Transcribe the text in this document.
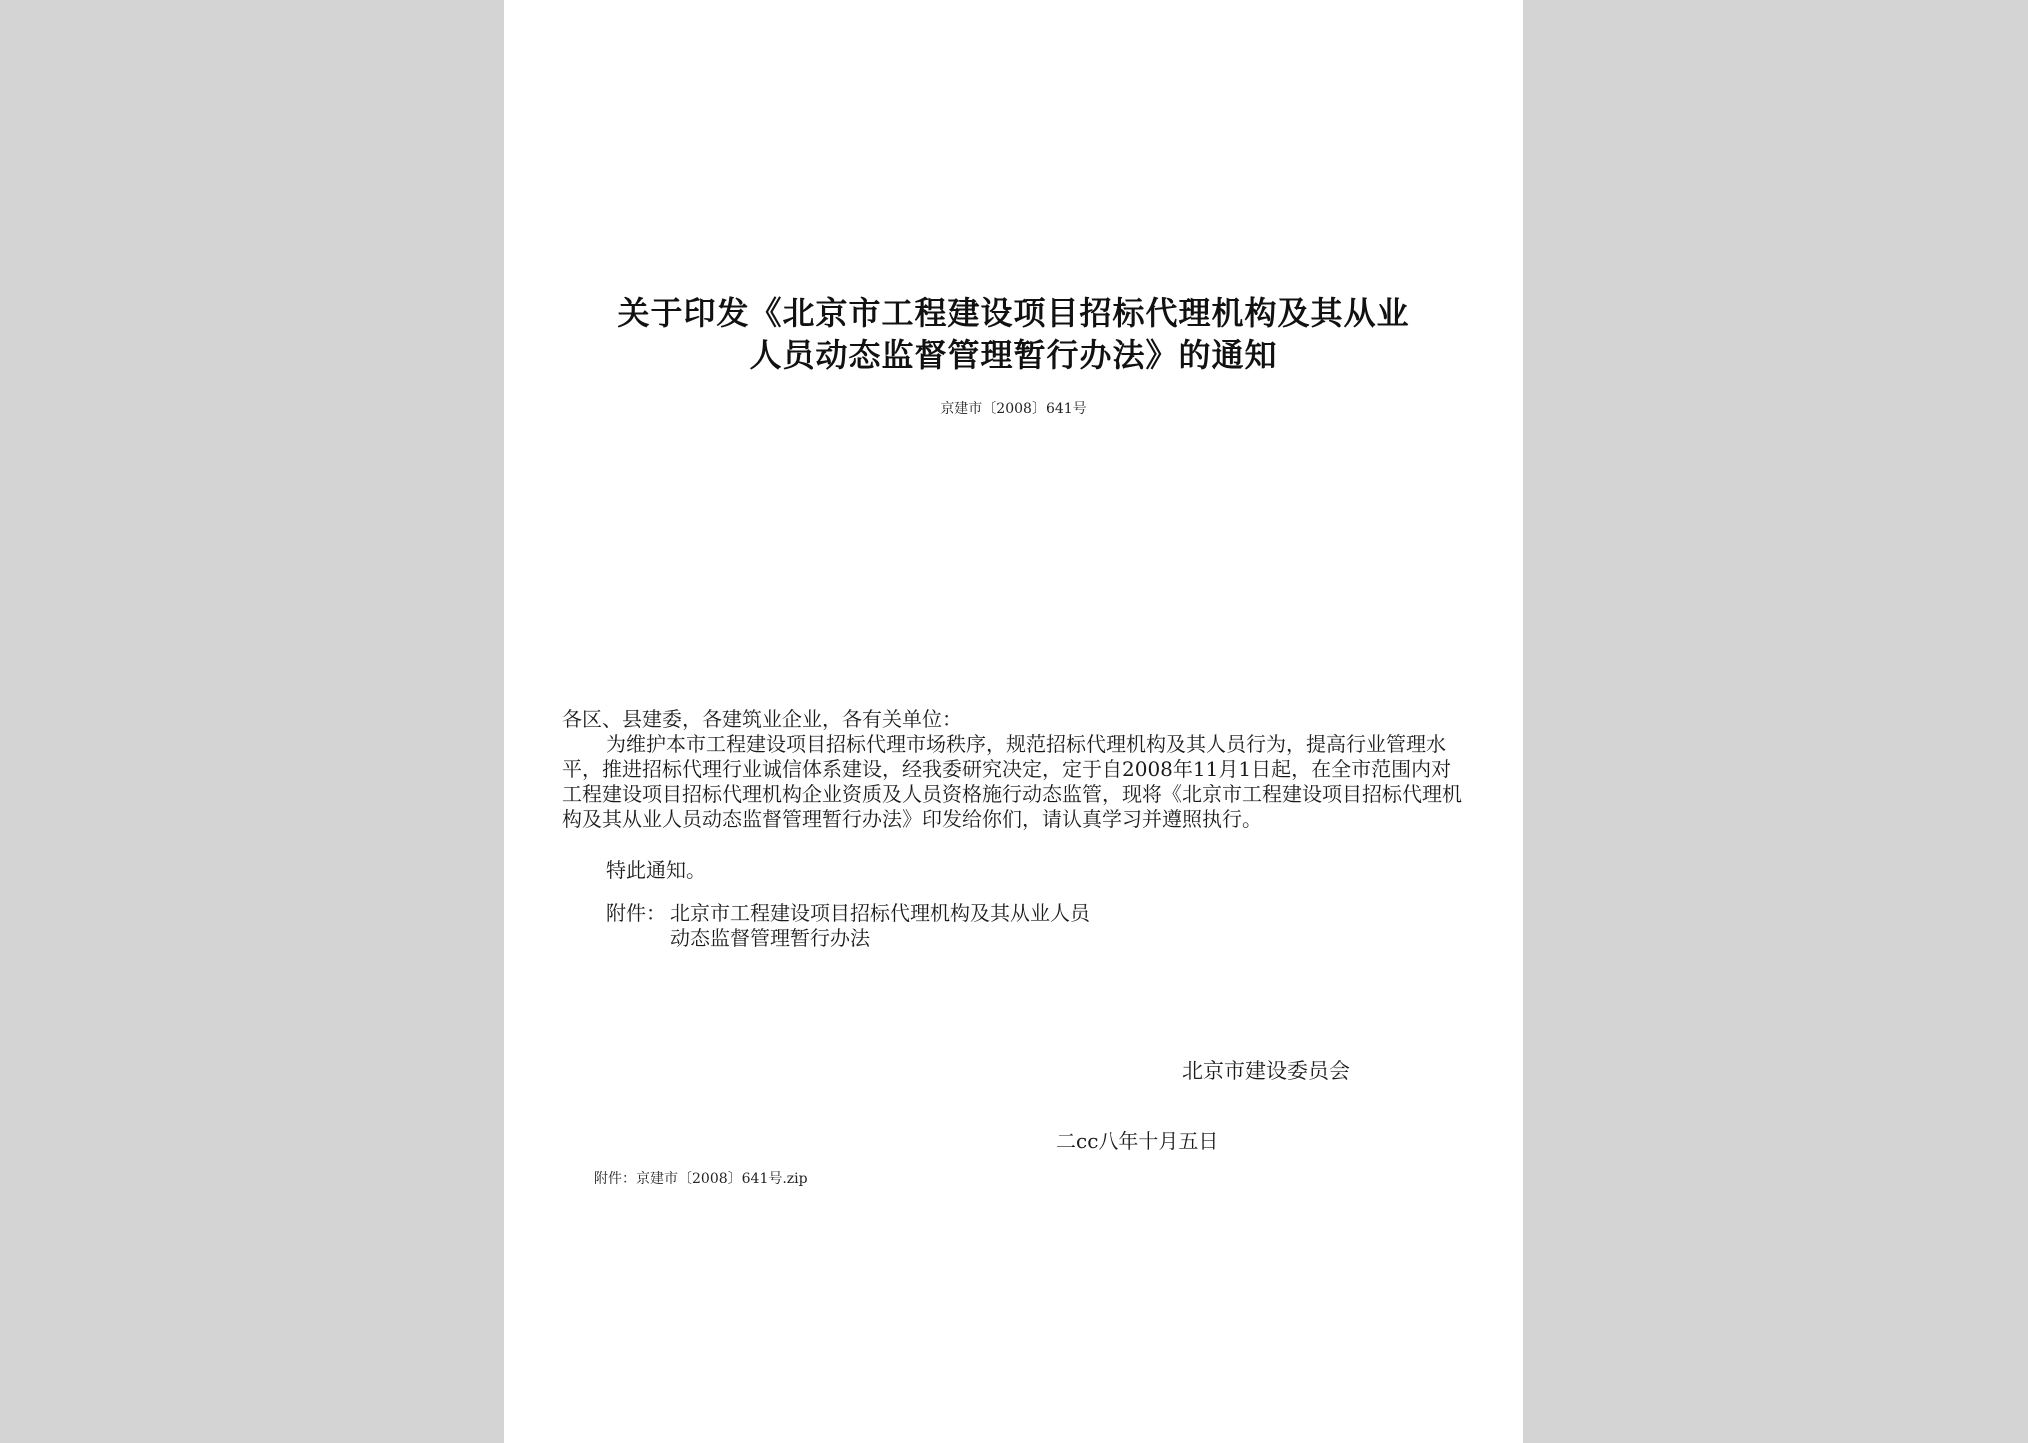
关于印发《北京市工程建设项目招标代理机构及其从业
人员动态监督管理暂行办法》的通知
京建市〔2008〕641号
各区、县建委，各建筑业企业，各有关单位：
为维护本市工程建设项目招标代理市场秩序，规范招标代理机构及其人员行为，提高行业管理水平，推进招标代理行业诚信体系建设，经我委研究决定，定于自2008年11月1日起，在全市范围内对工程建设项目招标代理机构企业资质及人员资格施行动态监管，现将《北京市工程建设项目招标代理机构及其从业人员动态监督管理暂行办法》印发给你们，请认真学习并遵照执行。
特此通知。
附件： 北京市工程建设项目招标代理机构及其从业人员
动态监督管理暂行办法
北京市建设委员会
二cc八年十月五日
附件：京建市〔2008〕641号.zip
